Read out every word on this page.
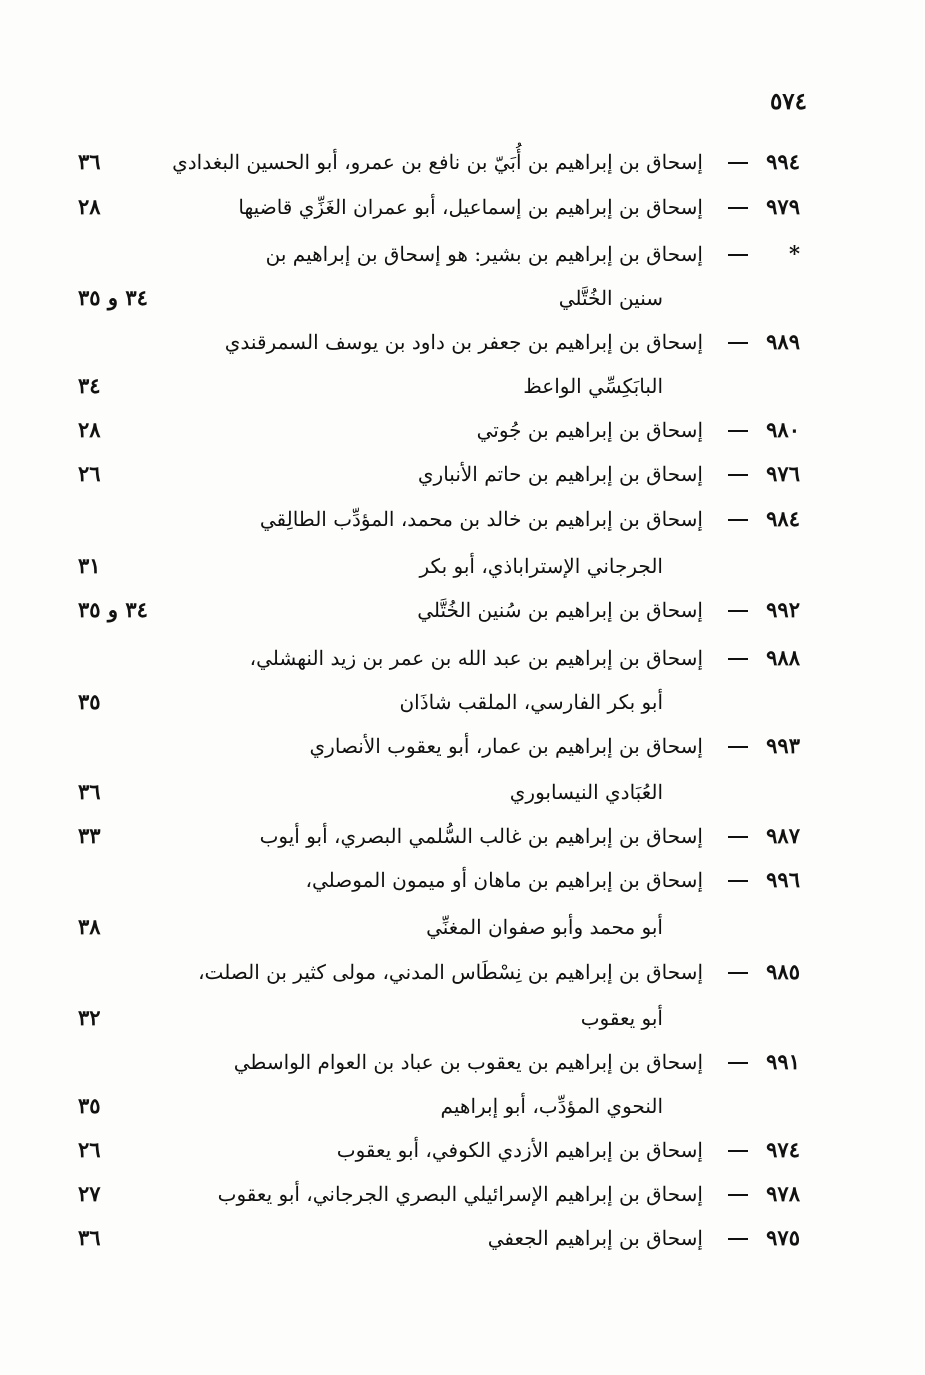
٥٧٤
٩٩٤
إسحاق بن إبراهيم بن أُبَيّ بن نافع بن عمرو، أبو الحسين البغدادي
٣٦
٩٧٩
إسحاق بن إبراهيم بن إسماعيل، أبو عمران الغَزِّي قاضيها
٢٨
*
إسحاق بن إبراهيم بن بشير: هو إسحاق بن إبراهيم بن
سنين الخُتَّلي
٣٤ و ٣٥
٩٨٩
إسحاق بن إبراهيم بن جعفر بن داود بن يوسف السمرقندي
البابَكِسِّي الواعظ
٣٤
٩٨٠
إسحاق بن إبراهيم بن جُوتي
٢٨
٩٧٦
إسحاق بن إبراهيم بن حاتم الأنباري
٢٦
٩٨٤
إسحاق بن إبراهيم بن خالد بن محمد، المؤدِّب الطالِقي
الجرجاني الإستراباذي، أبو بكر
٣١
٩٩٢
إسحاق بن إبراهيم بن سُنين الخُتَّلي
٣٤ و ٣٥
٩٨٨
إسحاق بن إبراهيم بن عبد الله بن عمر بن زيد النهشلي،
أبو بكر الفارسي، الملقب شاذَان
٣٥
٩٩٣
إسحاق بن إبراهيم بن عمار، أبو يعقوب الأنصاري
العُبَادي النيسابوري
٣٦
٩٨٧
إسحاق بن إبراهيم بن غالب السُّلمي البصري، أبو أيوب
٣٣
٩٩٦
إسحاق بن إبراهيم بن ماهان أو ميمون الموصلي،
أبو محمد وأبو صفوان المغنِّي
٣٨
٩٨٥
إسحاق بن إبراهيم بن نِسْطَاس المدني، مولى كثير بن الصلت،
أبو يعقوب
٣٢
٩٩١
إسحاق بن إبراهيم بن يعقوب بن عباد بن العوام الواسطي
النحوي المؤدِّب، أبو إبراهيم
٣٥
٩٧٤
إسحاق بن إبراهيم الأزدي الكوفي، أبو يعقوب
٢٦
٩٧٨
إسحاق بن إبراهيم الإسرائيلي البصري الجرجاني، أبو يعقوب
٢٧
٩٧٥
إسحاق بن إبراهيم الجعفي
٣٦
